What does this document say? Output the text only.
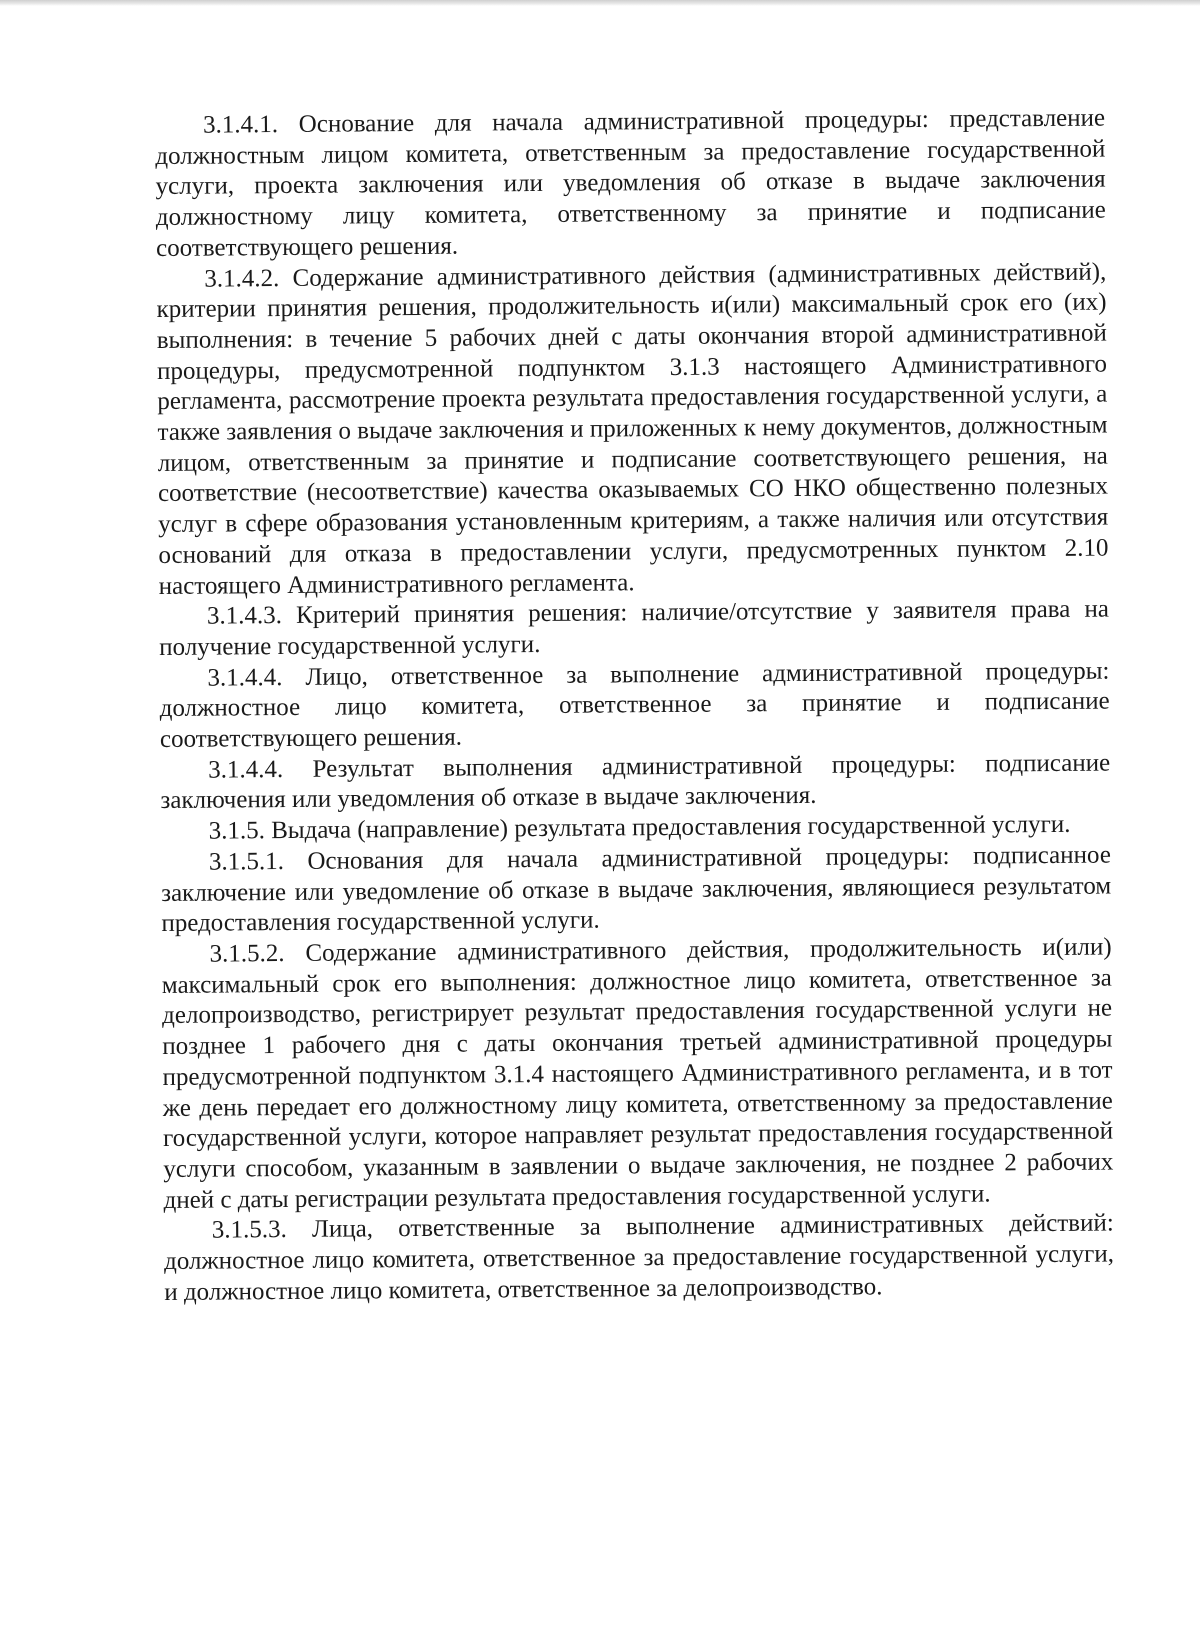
3.1.4.1. Основание для начала административной процедуры: представление должностным лицом комитета, ответственным за предоставление государственной услуги, проекта заключения или уведомления об отказе в выдаче заключения должностному лицу комитета, ответственному за принятие и подписание соответствующего решения.

3.1.4.2. Содержание административного действия (административных действий), критерии принятия решения, продолжительность и(или) максимальный срок его (их) выполнения: в течение 5 рабочих дней с даты окончания второй административной процедуры, предусмотренной подпунктом 3.1.3 настоящего Административного регламента, рассмотрение проекта результата предоставления государственной услуги, а также заявления о выдаче заключения и приложенных к нему документов, должностным лицом, ответственным за принятие и подписание соответствующего решения, на соответствие (несоответствие) качества оказываемых СО НКО общественно полезных услуг в сфере образования установленным критериям, а также наличия или отсутствия оснований для отказа в предоставлении услуги, предусмотренных пунктом 2.10 настоящего Административного регламента.

3.1.4.3. Критерий принятия решения: наличие/отсутствие у заявителя права на получение государственной услуги.

3.1.4.4. Лицо, ответственное за выполнение административной процедуры: должностное лицо комитета, ответственное за принятие и подписание соответствующего решения.

3.1.4.4. Результат выполнения административной процедуры: подписание заключения или уведомления об отказе в выдаче заключения.

3.1.5. Выдача (направление) результата предоставления государственной услуги.

3.1.5.1. Основания для начала административной процедуры: подписанное заключение или уведомление об отказе в выдаче заключения, являющиеся результатом предоставления государственной услуги.

3.1.5.2. Содержание административного действия, продолжительность и(или) максимальный срок его выполнения: должностное лицо комитета, ответственное за делопроизводство, регистрирует результат предоставления государственной услуги не позднее 1 рабочего дня с даты окончания третьей административной процедуры предусмотренной подпунктом 3.1.4 настоящего Административного регламента, и в тот же день передает его должностному лицу комитета, ответственному за предоставление государственной услуги, которое направляет результат предоставления государственной услуги способом, указанным в заявлении о выдаче заключения, не позднее 2 рабочих дней с даты регистрации результата предоставления государственной услуги.

3.1.5.3. Лица, ответственные за выполнение административных действий: должностное лицо комитета, ответственное за предоставление государственной услуги, и должностное лицо комитета, ответственное за делопроизводство.
